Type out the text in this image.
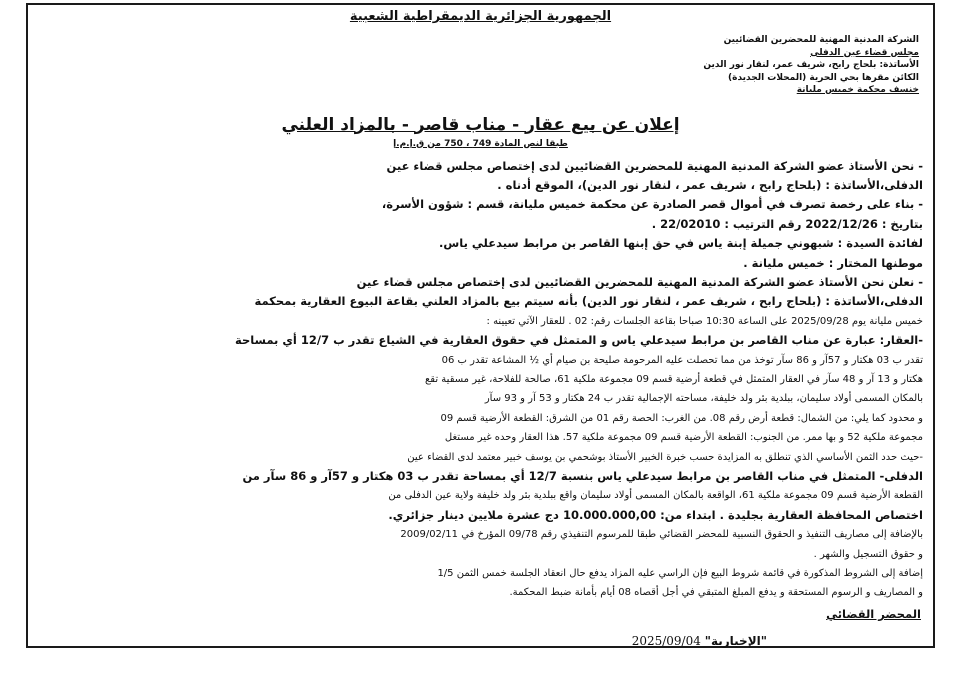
الجمهورية الجزائرية الديمقراطية الشعبية
الشركة المدنية المهنية للمحضرين القضائيين
مجلس قضاء عين الدفلى
الأساتذة: بلحاج رابح، شريف عمر، لنقار نور الدين
الكائن مقرها بحي الحرية (المحلات الجديدة)
خنسف محكمة خميس مليانة
إعلان عن بيع عقار - مناب قاصر - بالمزاد العلني
طبقا لنص المادة 749 ، 750 من ق.إ.م.إ

- نحن الأستاذ عضو الشركة المدنية المهنية للمحضرين القضائيين لدى إختصاص مجلس قضاء عين

الدفلى،الأساتذة : (بلحاج رابح ، شريف عمر ، لنقار نور الدين)، الموقع أدناه .

- بناء على رخصة تصرف في أموال قصر الصادرة عن محكمة خميس مليانة، قسم : شؤون الأسرة،

بتاريخ : 2022/12/26 رقم الترتيب : 22/02010 .

لفائدة السيدة : شبهوني جميلة إبنة ياس في حق إبنها القاصر بن مرابط سيدعلي ياس.

موطنها المختار : خميس مليانة .

- نعلن نحن الأستاذ عضو الشركة المدنية المهنية للمحضرين القضائيين لدى إختصاص مجلس قضاء عين

الدفلى،الأساتذة : (بلحاج رابح ، شريف عمر ، لنقار نور الدين) بأنه سيتم بيع بالمزاد العلني بقاعة البيوع العقارية بمحكمة

خميس مليانة يوم 2025/09/28 على الساعة 10:30 صباحا بقاعة الجلسات رقم: 02 . للعقار الآتي تعيينه :

-العقار: عبارة عن مناب القاصر بن مرابط سيدعلي ياس و المتمثل في حقوق العقارية في الشياع تقدر ب 12/7 أي بمساحة

تقدر ب 03 هكتار و 57آر و 86 سآر توخذ من مما تحصلت عليه المرحومة صليحة بن صيام أي ½ المشاعة تقدر ب 06

هكتار و 13 آر و 48 سآر في العقار المتمثل في قطعة أرضية قسم 09 مجموعة ملكية 61، صالحة للفلاحة، غير مسقية تقع

بالمكان المسمى أولاد سليمان، ببلدية بئر ولد خليفة، مساحته الإجمالية تقدر ب 24 هكتار و 53 آر و 93 سآر

و محدود كما يلي: من الشمال: قطعة أرض رقم 08. من الغرب: الحصة رقم 01 من الشرق: القطعة الأرضية قسم 09

مجموعة ملكية 52 و بها ممر. من الجنوب: القطعة الأرضية قسم 09 مجموعة ملكية 57. هذا العقار وحده غير مستغل

-حيث حدد الثمن الأساسي الذي تنطلق به المزايدة حسب خبرة الخبير الأستاذ بوشحمي بن يوسف خبير معتمد لدى القضاء عين

الدفلى- المتمثل في مناب القاصر بن مرابط سيدعلي ياس بنسبة 12/7 أي بمساحة تقدر ب 03 هكتار و 57آر و 86 سآر من

القطعة الأرضية قسم 09 مجموعة ملكية 61، الواقعة بالمكان المسمى أولاد سليمان واقع ببلدية بئر ولد خليفة ولاية عين الدفلى من

اختصاص المحافظة العقارية بجليدة . ابتداء من: 10.000.000,00 دج عشرة ملايين دينار جزائري.

بالإضافة إلى مصاريف التنفيذ و الحقوق النسبية للمحضر القضائي طبقا للمرسوم التنفيذي رقم 09/78 المؤرخ في 2009/02/11

و حقوق التسجيل والشهر .

إضافة إلى الشروط المذكورة في قائمة شروط البيع فإن الراسي عليه المزاد يدفع حال انعقاد الجلسة خمس الثمن 1/5

و المصاريف و الرسوم المستحقة و يدفع المبلغ المتبقي في أجل أقصاه 08 أيام بأمانة ضبط المحكمة.

المحضر القضائي
"الإخبارية" 2025/09/04
